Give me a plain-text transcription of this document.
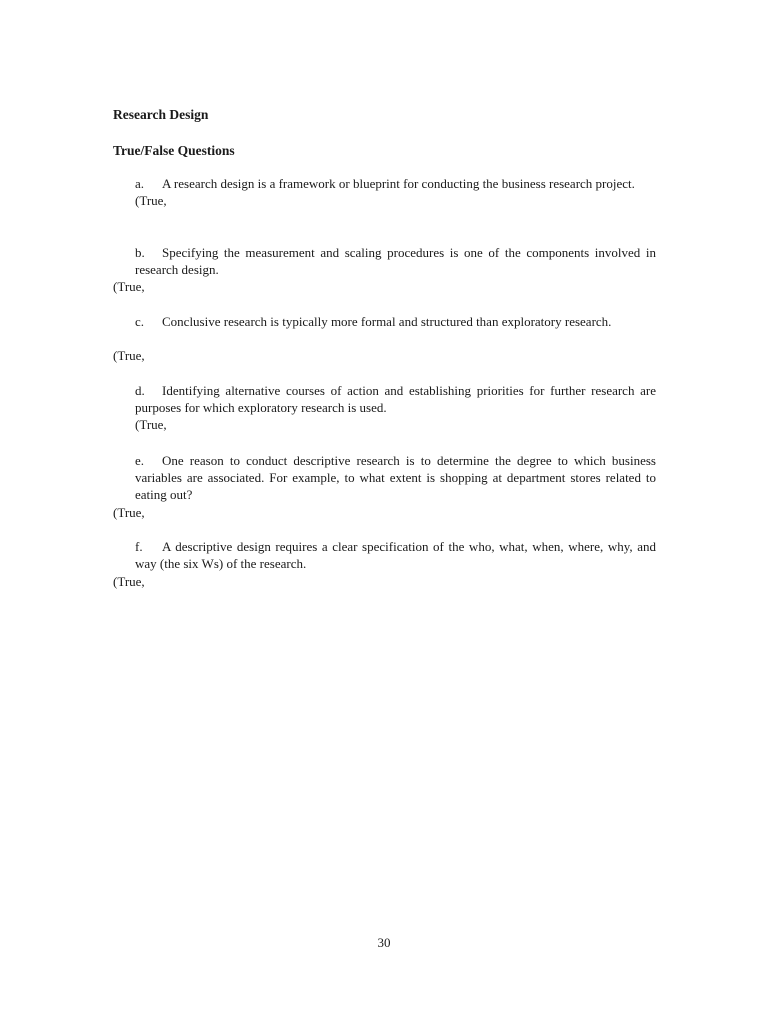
Research Design
True/False Questions
a. A research design is a framework or blueprint for conducting the business research project.
(True,
b. Specifying the measurement and scaling procedures is one of the components involved in research design.
(True,
c. Conclusive research is typically more formal and structured than exploratory research.
(True,
d. Identifying alternative courses of action and establishing priorities for further research are purposes for which exploratory research is used.
(True,
e. One reason to conduct descriptive research is to determine the degree to which business variables are associated. For example, to what extent is shopping at department stores related to eating out?
(True,
f. A descriptive design requires a clear specification of the who, what, when, where, why, and way (the six Ws) of the research.
(True,
30
